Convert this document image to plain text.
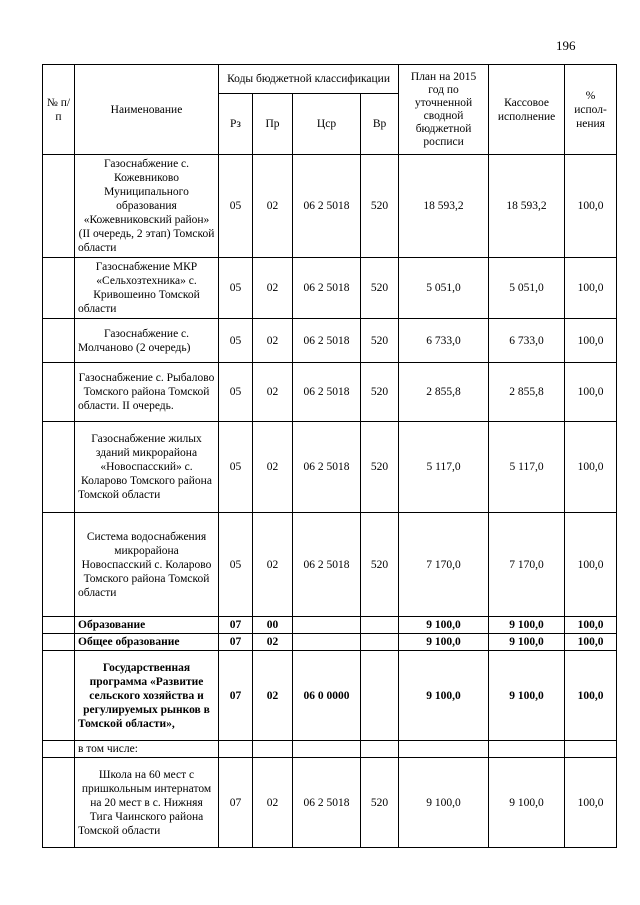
196
№ п/п	Наименование	Коды бюджетной классификации				План на 2015 год по уточненной сводной бюджетной росписи	Кассовое исполнение	% испол-нения
		Рз	Пр	Цср	Вр			
	Газоснабжение с. Кожевниково Муниципального образования «Кожевниковский район» (II очередь, 2 этап) Томской области	05	02	06 2 5018	520	18 593,2	18 593,2	100,0
	Газоснабжение МКР «Сельхозтехника» с. Кривошеино Томской области	05	02	06 2 5018	520	5 051,0	5 051,0	100,0
	Газоснабжение с. Молчаново (2 очередь)	05	02	06 2 5018	520	6 733,0	6 733,0	100,0
	Газоснабжение с. Рыбалово Томского района Томской области. II очередь.	05	02	06 2 5018	520	2 855,8	2 855,8	100,0
	Газоснабжение жилых зданий микрорайона «Новоспасский» с. Коларово Томского района Томской области	05	02	06 2 5018	520	5 117,0	5 117,0	100,0
	Система водоснабжения микрорайона Новоспасский с. Коларово Томского района Томской области	05	02	06 2 5018	520	7 170,0	7 170,0	100,0
	Образование	07	00			9 100,0	9 100,0	100,0
	Общее образование	07	02			9 100,0	9 100,0	100,0
	Государственная программа «Развитие сельского хозяйства и регулируемых рынков в Томской области»,	07	02	06 0 0000		9 100,0	9 100,0	100,0
	в том числе:							
	Школа на 60 мест с пришкольным интернатом на 20 мест в с. Нижняя Тига Чаинского района Томской области	07	02	06 2 5018	520	9 100,0	9 100,0	100,0
